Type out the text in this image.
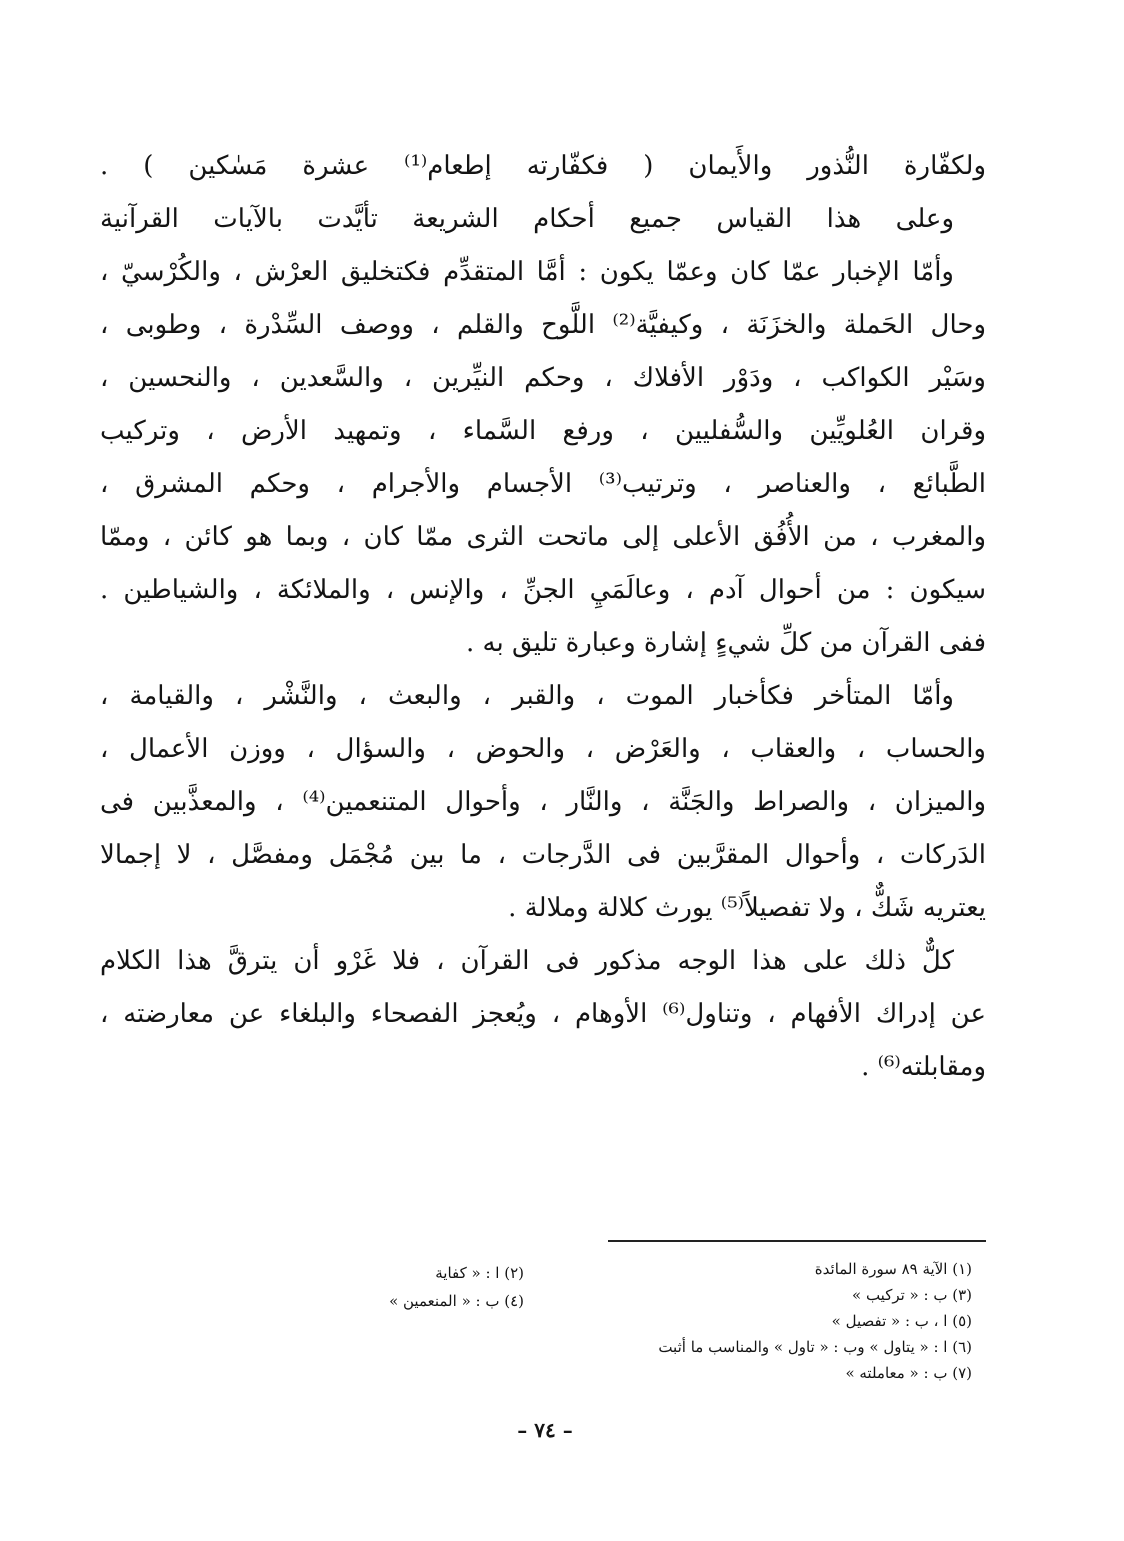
ولكفّارة النُّذور والأَيمان ( فكفّارته إطعام⁽¹⁾ عشرة مَسٰكين ) .
وعلى هذا القياس جميع أحكام الشريعة تأيَّدت بالآيات القرآنية
وأمّا الإخبار عمّا كان وعمّا يكون : أمَّا المتقدِّم فكتخليق العرْش ، والكُرْسيّ ،
وحال الحَملة والخزَنَة ، وكيفيَّة⁽²⁾ اللَّوح والقلم ، ووصف السِّدْرة ، وطوبى ،
وسَيْر الكواكب ، ودَوْر الأفلاك ، وحكم النيِّرين ، والسَّعدين ، والنحسين ،
وقران العُلويِّين والسُّفليين ، ورفع السَّماء ، وتمهيد الأرض ، وتركيب
الطَّبائع ، والعناصر ، وترتيب⁽³⁾ الأجسام والأجرام ، وحكم المشرق ،
والمغرب ، من الأُفُق الأعلى إلى ماتحت الثرى ممّا كان ، وبما هو كائن ، وممّا
سيكون : من أحوال آدم ، وعالَمَيِ الجنِّ ، والإنس ، والملائكة ، والشياطين .
ففى القرآن من كلِّ شيءٍ إشارة وعبارة تليق به .
وأمّا المتأخر فكأخبار الموت ، والقبر ، والبعث ، والنَّشْر ، والقيامة ،
والحساب ، والعقاب ، والعَرْض ، والحوض ، والسؤال ، ووزن الأعمال ،
والميزان ، والصراط والجَنَّة ، والنَّار ، وأحوال المتنعمين⁽⁴⁾ ، والمعذَّبين فى
الدَركات ، وأحوال المقرَّبين فى الدَّرجات ، ما بين مُجْمَل ومفصَّل ، لا إجمالا
يعتريه شَكٌّ ، ولا تفصيلاً⁽⁵⁾ يورث كلالة وملالة .
كلٌّ ذلك على هذا الوجه مذكور فى القرآن ، فلا غَرْو أن يترقَّ هذا الكلام
عن إدراك الأفهام ، وتناول⁽⁶⁾ الأوهام ، ويُعجز الفصحاء والبلغاء عن معارضته ،
ومقابلته⁽⁶⁾ .
(١) الآية ٨٩ سورة المائدة
(٢) ا : « كفاية
(٣) ب : « تركيب »
(٤) ب : « المنعمين »
(٥) ا ، ب : « تفصيل »
(٦) ا : « يتاول » وب : « تاول » والمناسب ما أثبت
(٧) ب : « معاملته »
– ٧٤ –
